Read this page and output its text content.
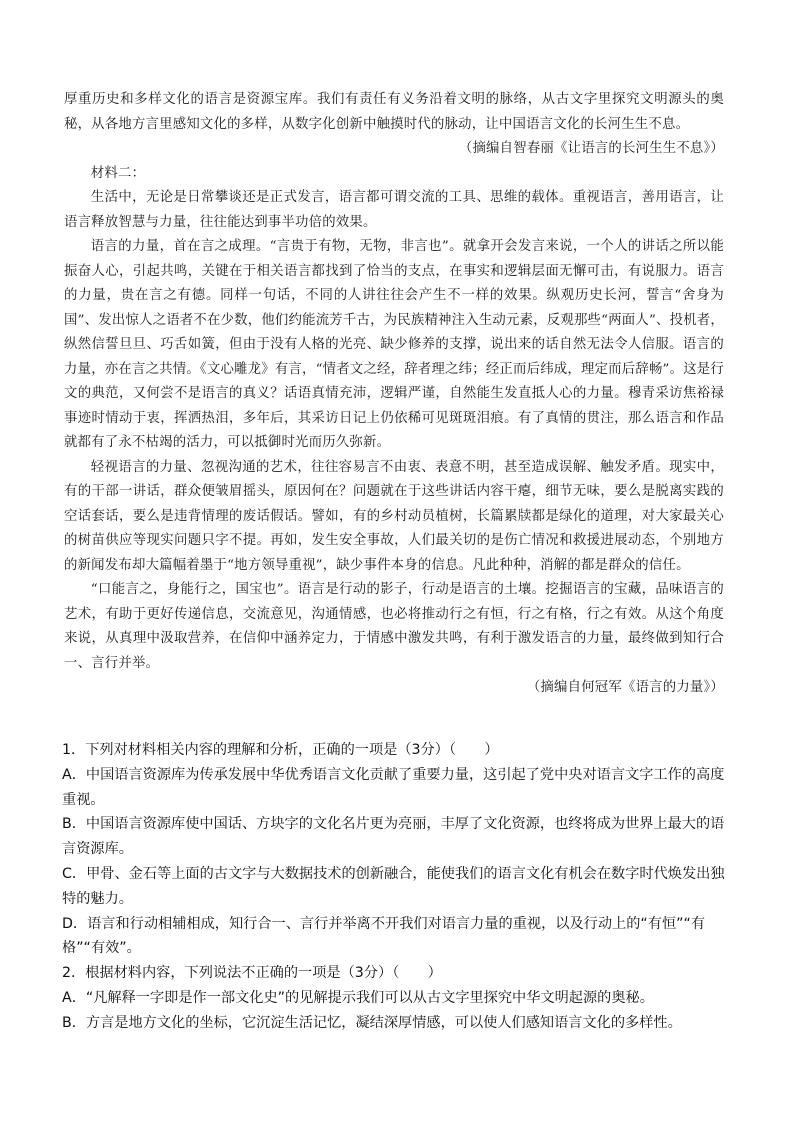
厚重历史和多样文化的语言是资源宝库。我们有责任有义务沿着文明的脉络，从古文字里探究文明源头的奥秘，从各地方言里感知文化的多样，从数字化创新中触摸时代的脉动，让中国语言文化的长河生生不息。

（摘编自智春丽《让语言的长河生生不息》）

材料二：

生活中，无论是日常攀谈还是正式发言，语言都可谓交流的工具、思维的载体。重视语言，善用语言，让语言释放智慧与力量，往往能达到事半功倍的效果。

语言的力量，首在言之成理。“言贵于有物，无物，非言也”。就拿开会发言来说，一个人的讲话之所以能振奋人心，引起共鸣，关键在于相关语言都找到了恰当的支点，在事实和逻辑层面无懈可击，有说服力。语言的力量，贵在言之有德。同样一句话，不同的人讲往往会产生不一样的效果。纵观历史长河，誓言“舍身为国”、发出惊人之语者不在少数，他们约能流芳千古，为民族精神注入生动元素，反观那些“两面人”、投机者，纵然信誓旦旦、巧舌如簧，但由于没有人格的光亮、缺少修养的支撑，说出来的话自然无法令人信服。语言的力量，亦在言之共情。《文心雕龙》有言，“情者文之经，辞者理之纬；经正而后纬成，理定而后辞畅”。这是行文的典范，又何尝不是语言的真义？话语真情充沛，逻辑严谨，自然能生发直抵人心的力量。穆青采访焦裕禄事迹时情动于衷，挥洒热泪，多年后，其采访日记上仍依稀可见斑斑泪痕。有了真情的贯注，那么语言和作品就都有了永不枯竭的活力，可以抵御时光而历久弥新。

轻视语言的力量、忽视沟通的艺术，往往容易言不由衷、表意不明，甚至造成误解、触发矛盾。现实中，有的干部一讲话，群众便皱眉摇头，原因何在？问题就在于这些讲话内容干瘪，细节无味，要么是脱离实践的空话套话，要么是违背情理的废话假话。譬如，有的乡村动员植树，长篇累牍都是绿化的道理，对大家最关心的树苗供应等现实问题只字不提。再如，发生安全事故，人们最关切的是伤亡情况和救援进展动态，个别地方的新闻发布却大篇幅着墨于“地方领导重视”，缺少事件本身的信息。凡此种种，消解的都是群众的信任。

“口能言之，身能行之，国宝也”。语言是行动的影子，行动是语言的土壤。挖掘语言的宝藏，品味语言的艺术，有助于更好传递信息，交流意见，沟通情感，也必将推动行之有恒，行之有格，行之有效。从这个角度来说，从真理中汲取营养，在信仰中涵养定力，于情感中激发共鸣，有利于激发语言的力量，最终做到知行合一、言行并举。

（摘编自何冠军《语言的力量》）

1．下列对材料相关内容的理解和分析，正确的一项是（3分）（　　）

A．中国语言资源库为传承发展中华优秀语言文化贡献了重要力量，这引起了党中央对语言文字工作的高度重视。

B．中国语言资源库使中国话、方块字的文化名片更为亮丽，丰厚了文化资源，也终将成为世界上最大的语言资源库。

C．甲骨、金石等上面的古文字与大数据技术的创新融合，能使我们的语言文化有机会在数字时代焕发出独特的魅力。

D．语言和行动相辅相成，知行合一、言行并举离不开我们对语言力量的重视，以及行动上的“有恒”“有格”“有效”。

2．根据材料内容，下列说法不正确的一项是（3分）（　　）

A．“凡解释一字即是作一部文化史”的见解提示我们可以从古文字里探究中华文明起源的奥秘。

B．方言是地方文化的坐标，它沉淀生活记忆，凝结深厚情感，可以使人们感知语言文化的多样性。
